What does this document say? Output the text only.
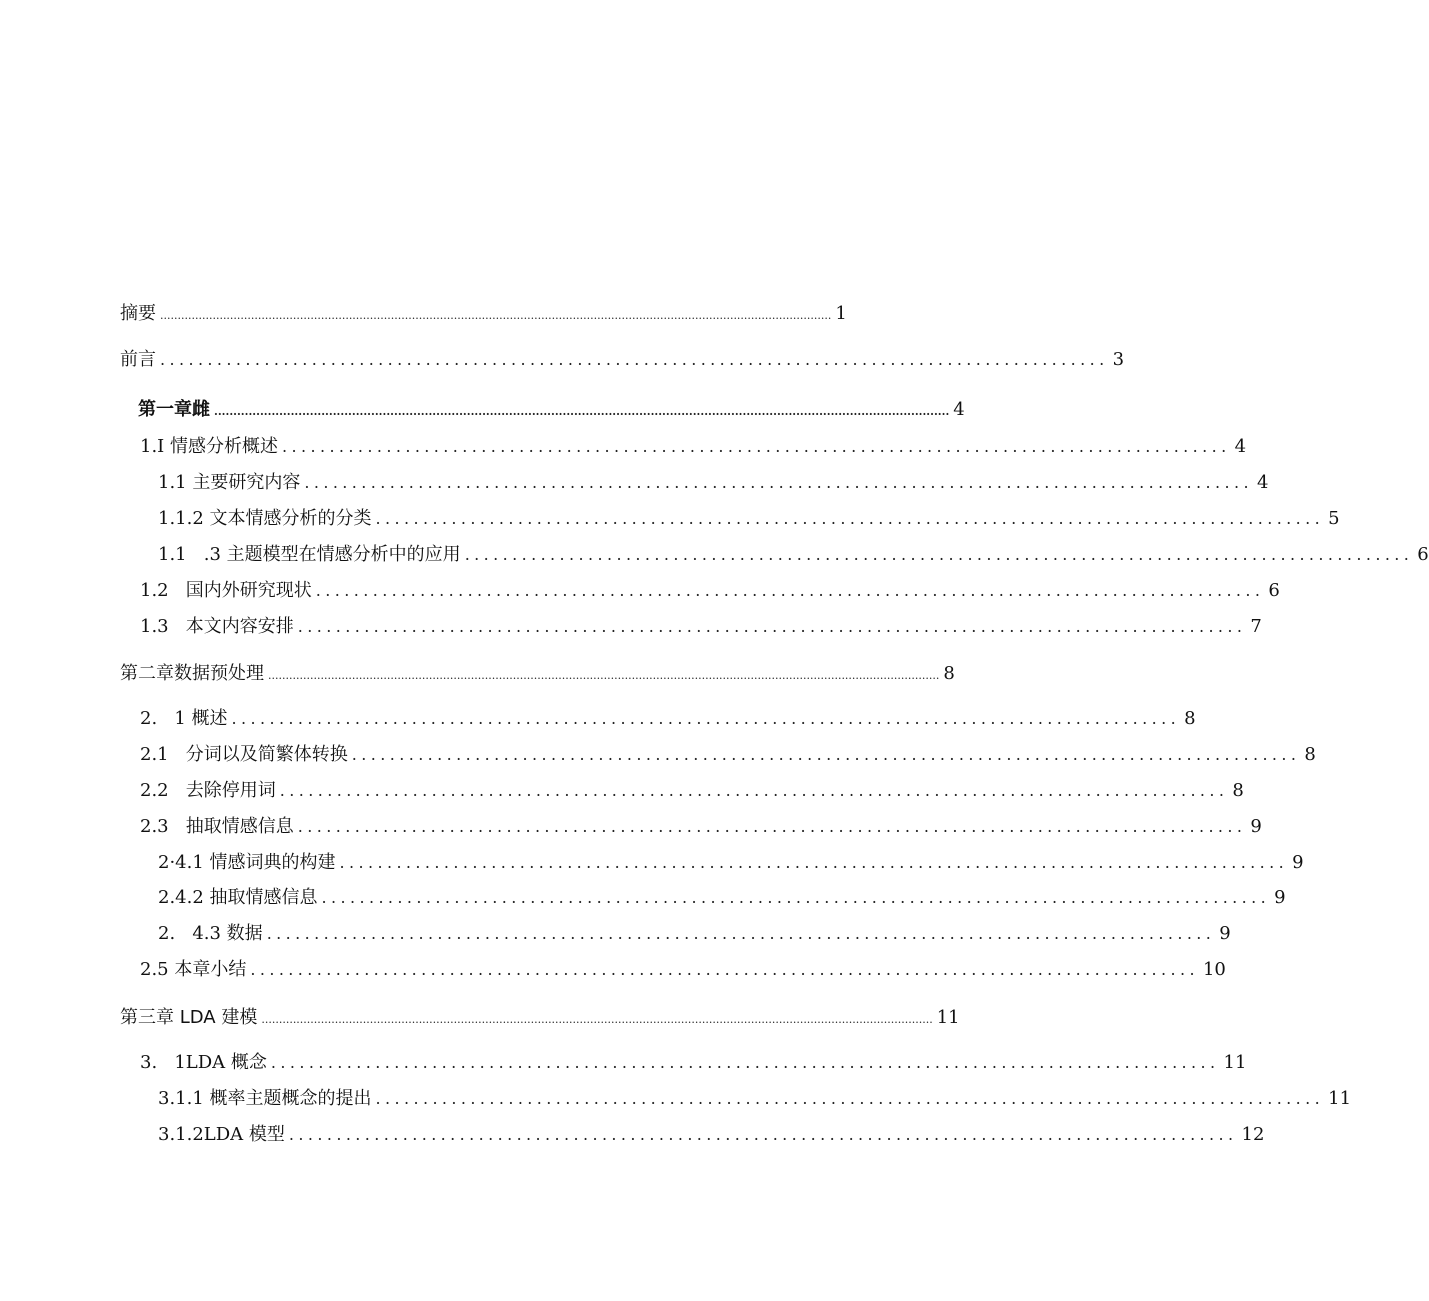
摘要 ................................................................................................................................................................................................ 1
前言 .................................................................................................... 3
第一章雌 ................................................................................................................................................................................................ 4
1.I 情感分析概述 .................................................................................................... 4
1.1 主要研究内容 .................................................................................................... 4
1.1.2 文本情感分析的分类 .................................................................................................... 5
1.1   .3 主题模型在情感分析中的应用 .................................................................................................... 6
1.2   国内外研究现状 .................................................................................................... 6
1.3   本文内容安排 .................................................................................................... 7
第二章数据预处理 ................................................................................................................................................................................................ 8
2.   1 概述 .................................................................................................... 8
2.1   分词以及简繁体转换 .................................................................................................... 8
2.2   去除停用词 .................................................................................................... 8
2.3   抽取情感信息 .................................................................................................... 9
2·4.1 情感词典的构建 .................................................................................................... 9
2.4.2 抽取情感信息 .................................................................................................... 9
2.   4.3 数据 .................................................................................................... 9
2.5 本章小结 .................................................................................................... 10
第三章 LDA 建模 ................................................................................................................................................................................................ 11
3.   1LDA 概念 .................................................................................................... 11
3.1.1 概率主题概念的提出 .................................................................................................... 11
3.1.2LDA 模型 .................................................................................................... 12
